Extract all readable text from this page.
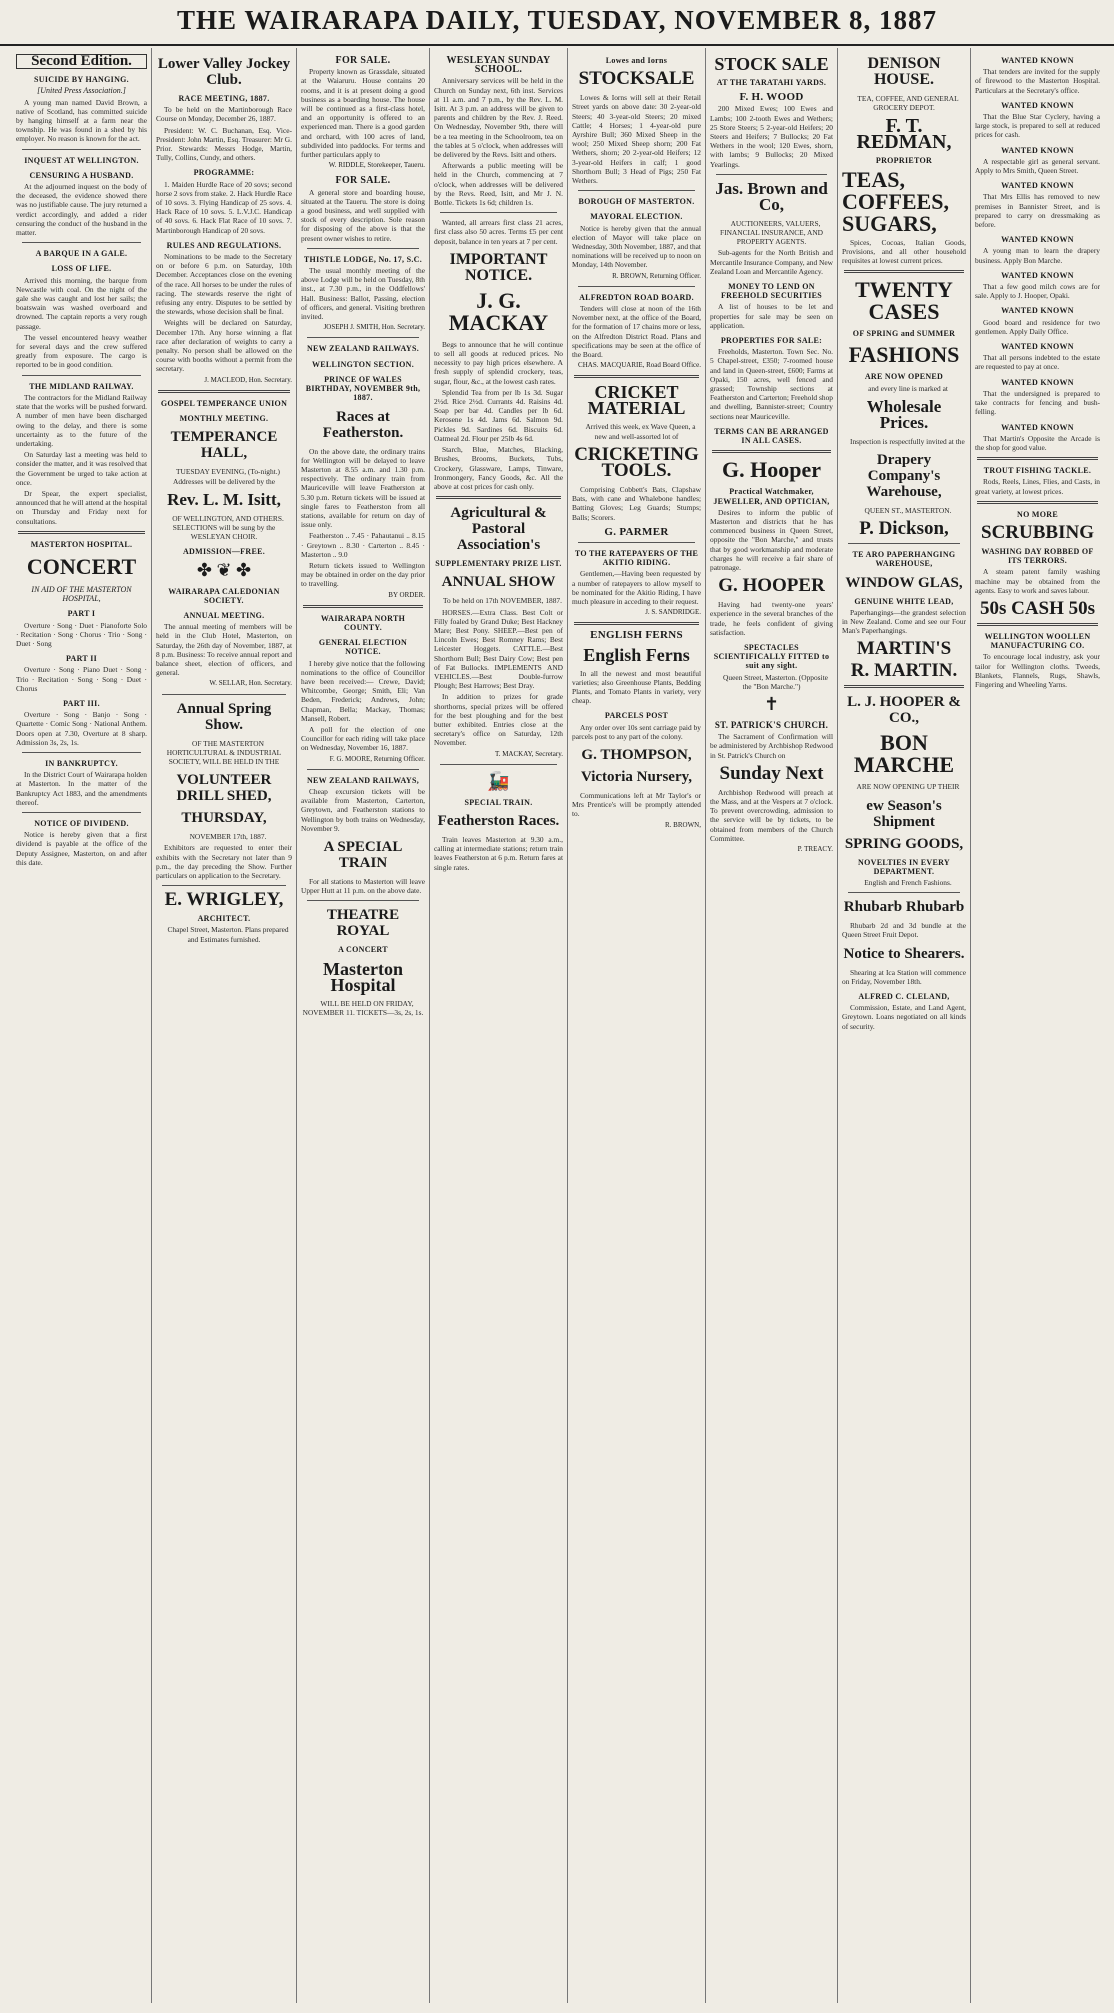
THE WAIRARAPA DAILY, TUESDAY, NOVEMBER 8, 1887
Second Edition.
SUICIDE BY HANGING.
[United Press Association.]

A young man named David Brown, a native of Scotland, has committed suicide by hanging himself at a farm near the township. He was found in a shed by his employer. No reason is known for the act.

INQUEST AT WELLINGTON.
CENSURING A HUSBAND.

At the adjourned inquest on the body of the deceased, the evidence showed there was no justifiable cause. The jury returned a verdict accordingly, and added a rider censuring the conduct of the husband in the matter.

A BARQUE IN A GALE.
LOSS OF LIFE.

Arrived this morning, the barque from Newcastle with coal. On the night of the gale she was caught and lost her sails; the boatswain was washed overboard and drowned. The captain reports a very rough passage.

The vessel encountered heavy weather for several days and the crew suffered greatly from exposure. The cargo is reported to be in good condition.

THE MIDLAND RAILWAY.

The contractors for the Midland Railway state that the works will be pushed forward. A number of men have been discharged owing to the delay, and there is some uncertainty as to the future of the undertaking.

On Saturday last a meeting was held to consider the matter, and it was resolved that the Government be urged to take action at once.

Dr Spear, the expert specialist, announced that he will attend at the hospital on Thursday and Friday next for consultations.

MASTERTON HOSPITAL.
CONCERT
IN AID OF THE MASTERTON HOSPITAL,
PART I

Overture · Song · Duet · Pianoforte Solo · Recitation · Song · Chorus · Trio · Song · Duet · Song

PART II

Overture · Song · Piano Duet · Song · Trio · Recitation · Song · Song · Duet · Chorus

PART III.

Overture · Song · Banjo · Song · Quartette · Comic Song · National Anthem. Doors open at 7.30, Overture at 8 sharp. Admission 3s, 2s, 1s.

IN BANKRUPTCY.

In the District Court of Wairarapa holden at Masterton. In the matter of the Bankruptcy Act 1883, and the amendments thereof.

NOTICE OF DIVIDEND.

Notice is hereby given that a first dividend is payable at the office of the Deputy Assignee, Masterton, on and after this date.

Lower Valley Jockey Club.
RACE MEETING, 1887.

To be held on the Martinborough Race Course on Monday, December 26, 1887.

President: W. C. Buchanan, Esq. Vice-President: John Martin, Esq. Treasurer: Mr G. Prior. Stewards: Messrs Hodge, Martin, Tully, Collins, Cundy, and others.

PROGRAMME:

1. Maiden Hurdle Race of 20 sovs; second horse 2 sovs from stake. 2. Hack Hurdle Race of 10 sovs. 3. Flying Handicap of 25 sovs. 4. Hack Race of 10 sovs. 5. L.V.J.C. Handicap of 40 sovs. 6. Hack Flat Race of 10 sovs. 7. Martinborough Handicap of 20 sovs.

RULES AND REGULATIONS.

Nominations to be made to the Secretary on or before 6 p.m. on Saturday, 10th December. Acceptances close on the evening of the race. All horses to be under the rules of racing. The stewards reserve the right of refusing any entry. Disputes to be settled by the stewards, whose decision shall be final.

Weights will be declared on Saturday, December 17th. Any horse winning a flat race after declaration of weights to carry a penalty. No person shall be allowed on the course with booths without a permit from the secretary.

J. MACLEOD, Hon. Secretary.
GOSPEL TEMPERANCE UNION
MONTHLY MEETING.
TEMPERANCE HALL,

TUESDAY EVENING, (To-night.) Addresses will be delivered by the

Rev. L. M. Isitt,

OF WELLINGTON, AND OTHERS. SELECTIONS will be sung by the WESLEYAN CHOIR.

ADMISSION—FREE.
✤ ❦ ✤
WAIRARAPA CALEDONIAN SOCIETY.
ANNUAL MEETING.

The annual meeting of members will be held in the Club Hotel, Masterton, on Saturday, the 26th day of November, 1887, at 8 p.m. Business: To receive annual report and balance sheet, election of officers, and general.

W. SELLAR, Hon. Secretary.
Annual Spring Show.

OF THE MASTERTON HORTICULTURAL & INDUSTRIAL SOCIETY, WILL BE HELD IN THE

VOLUNTEER DRILL SHED,
THURSDAY,

NOVEMBER 17th, 1887.

Exhibitors are requested to enter their exhibits with the Secretary not later than 9 p.m., the day preceding the Show. Further particulars on application to the Secretary.

E. WRIGLEY,
ARCHITECT.

Chapel Street, Masterton. Plans prepared and Estimates furnished.

FOR SALE.

Property known as Grassdale, situated at the Waiaruru. House contains 20 rooms, and it is at present doing a good business as a boarding house. The house will be continued as a first-class hotel, and an opportunity is offered to an experienced man. There is a good garden and orchard, with 100 acres of land, subdivided into paddocks. For terms and further particulars apply to

W. RIDDLE, Storekeeper, Taueru.
FOR SALE.

A general store and boarding house, situated at the Taueru. The store is doing a good business, and well supplied with stock of every description. Sole reason for disposing of the above is that the present owner wishes to retire.

THISTLE LODGE, No. 17, S.C.

The usual monthly meeting of the above Lodge will be held on Tuesday, 8th inst., at 7.30 p.m., in the Oddfellows' Hall. Business: Ballot, Passing, election of officers, and general. Visiting brethren invited.

JOSEPH J. SMITH, Hon. Secretary.
NEW ZEALAND RAILWAYS.
WELLINGTON SECTION.
PRINCE OF WALES BIRTHDAY, NOVEMBER 9th, 1887.
Races at Featherston.

On the above date, the ordinary trains for Wellington will be delayed to leave Masterton at 8.55 a.m. and 1.30 p.m. respectively. The ordinary train from Mauriceville will leave Featherston at 5.30 p.m. Return tickets will be issued at single fares to Featherston from all stations, available for return on day of issue only.

Featherston .. 7.45 · Pahautanui .. 8.15 · Greytown .. 8.30 · Carterton .. 8.45 · Masterton .. 9.0

Return tickets issued to Wellington may be obtained in order on the day prior to travelling.

BY ORDER.
WAIRARAPA NORTH COUNTY.
GENERAL ELECTION NOTICE.

I hereby give notice that the following nominations to the office of Councillor have been received:— Crewe, David; Whitcombe, George; Smith, Eli; Van Beden, Frederick; Andrews, John; Chapman, Bella; Mackay, Thomas; Mansell, Robert.

A poll for the election of one Councillor for each riding will take place on Wednesday, November 16, 1887.

F. G. MOORE, Returning Officer.
NEW ZEALAND RAILWAYS,

Cheap excursion tickets will be available from Masterton, Carterton, Greytown, and Featherston stations to Wellington by both trains on Wednesday, November 9.

A SPECIAL TRAIN

For all stations to Masterton will leave Upper Hutt at 11 p.m. on the above date.

THEATRE ROYAL
A CONCERT
Masterton Hospital

WILL BE HELD ON FRIDAY, NOVEMBER 11. TICKETS—3s, 2s, 1s.

WESLEYAN SUNDAY SCHOOL.

Anniversary services will be held in the Church on Sunday next, 6th inst. Services at 11 a.m. and 7 p.m., by the Rev. L. M. Isitt. At 3 p.m. an address will be given to parents and children by the Rev. J. Reed. On Wednesday, November 9th, there will be a tea meeting in the Schoolroom, tea on the tables at 5 o'clock, when addresses will be delivered by the Revs. Isitt and others.

Afterwards a public meeting will be held in the Church, commencing at 7 o'clock, when addresses will be delivered by the Revs. Reed, Isitt, and Mr J. N. Bottle. Tickets 1s 6d; children 1s.

Wanted, all arrears first class 21 acres, first class also 50 acres. Terms £5 per cent deposit, balance in ten years at 7 per cent.

IMPORTANT NOTICE.
J. G. MACKAY

Begs to announce that he will continue to sell all goods at reduced prices. No necessity to pay high prices elsewhere. A fresh supply of splendid crockery, teas, sugar, flour, &c., at the lowest cash rates.

Splendid Tea from per lb 1s 3d. Sugar 2½d. Rice 2½d. Currants 4d. Raisins 4d. Soap per bar 4d. Candles per lb 6d. Kerosene 1s 4d. Jams 6d. Salmon 9d. Pickles 9d. Sardines 6d. Biscuits 6d. Oatmeal 2d. Flour per 25lb 4s 6d.

Starch, Blue, Matches, Blacking, Brushes, Brooms, Buckets, Tubs, Crockery, Glassware, Lamps, Tinware, Ironmongery, Fancy Goods, &c. All the above at cost prices for cash only.

Agricultural & Pastoral Association's
SUPPLEMENTARY PRIZE LIST.
ANNUAL SHOW

To be held on 17th NOVEMBER, 1887.

HORSES.—Extra Class. Best Colt or Filly foaled by Grand Duke; Best Hackney Mare; Best Pony. SHEEP.—Best pen of Lincoln Ewes; Best Romney Rams; Best Leicester Hoggets. CATTLE.—Best Shorthorn Bull; Best Dairy Cow; Best pen of Fat Bullocks. IMPLEMENTS AND VEHICLES.—Best Double-furrow Plough; Best Harrows; Best Dray.

In addition to prizes for grade shorthorns, special prizes will be offered for the best ploughing and for the best butter exhibited. Entries close at the secretary's office on Saturday, 12th November.

T. MACKAY, Secretary.
🚂
SPECIAL TRAIN.
Featherston Races.

Train leaves Masterton at 9.30 a.m., calling at intermediate stations; return train leaves Featherston at 6 p.m. Return fares at single rates.

Lowes and Iorns
STOCKSALE

Lowes & Iorns will sell at their Retail Street yards on above date: 30 2-year-old Steers; 40 3-year-old Steers; 20 mixed Cattle; 4 Horses; 1 4-year-old pure Ayrshire Bull; 360 Mixed Sheep in the wool; 250 Mixed Sheep shorn; 200 Fat Wethers, shorn; 20 2-year-old Heifers; 12 3-year-old Heifers in calf; 1 good Shorthorn Bull; 3 Head of Pigs; 250 Fat Wethers.

BOROUGH OF MASTERTON.
MAYORAL ELECTION.

Notice is hereby given that the annual election of Mayor will take place on Wednesday, 30th November, 1887, and that nominations will be received up to noon on Monday, 14th November.

R. BROWN, Returning Officer.
ALFREDTON ROAD BOARD.

Tenders will close at noon of the 16th November next, at the office of the Board, for the formation of 17 chains more or less, on the Alfredton District Road. Plans and specifications may be seen at the office of the Board.

CHAS. MACQUARIE, Road Board Office.
CRICKET MATERIAL

Arrived this week, ex Wave Queen, a new and well-assorted lot of

CRICKETING TOOLS.

Comprising Cobbett's Bats, Clapshaw Bats, with cane and Whalebone handles; Batting Gloves; Leg Guards; Stumps; Balls; Scorers.

G. PARMER
TO THE RATEPAYERS OF THE AKITIO RIDING.

Gentlemen,—Having been requested by a number of ratepayers to allow myself to be nominated for the Akitio Riding, I have much pleasure in acceding to their request.

J. S. SANDRIDGE.
ENGLISH FERNS
English Ferns

In all the newest and most beautiful varieties; also Greenhouse Plants, Bedding Plants, and Tomato Plants in variety, very cheap.

PARCELS POST

Any order over 10s sent carriage paid by parcels post to any part of the colony.

G. THOMPSON,
Victoria Nursery,

Communications left at Mr Taylor's or Mrs Prentice's will be promptly attended to.

R. BROWN,
STOCK SALE
AT THE TARATAHI YARDS.
F. H. WOOD

200 Mixed Ewes; 100 Ewes and Lambs; 100 2-tooth Ewes and Wethers; 25 Store Steers; 5 2-year-old Heifers; 20 Steers and Heifers; 7 Bullocks; 20 Fat Wethers in the wool; 120 Ewes, shorn, with lambs; 9 Bullocks; 20 Mixed Yearlings.

Jas. Brown and Co,

AUCTIONEERS, VALUERS, FINANCIAL INSURANCE, AND PROPERTY AGENTS.

Sub-agents for the North British and Mercantile Insurance Company, and New Zealand Loan and Mercantile Agency.

MONEY TO LEND ON FREEHOLD SECURITIES

A list of houses to be let and properties for sale may be seen on application.

PROPERTIES FOR SALE:

Freeholds, Masterton. Town Sec. No. 5 Chapel-street, £350; 7-roomed house and land in Queen-street, £600; Farms at Opaki, 150 acres, well fenced and grassed; Township sections at Featherston and Carterton; Freehold shop and dwelling, Bannister-street; Country sections near Mauriceville.

TERMS CAN BE ARRANGED IN ALL CASES.
G. Hooper
Practical Watchmaker, JEWELLER, AND OPTICIAN,

Desires to inform the public of Masterton and districts that he has commenced business in Queen Street, opposite the "Bon Marche," and trusts that by good workmanship and moderate charges he will receive a fair share of patronage.

G. HOOPER

Having had twenty-one years' experience in the several branches of the trade, he feels confident of giving satisfaction.

SPECTACLES SCIENTIFICALLY FITTED to suit any sight.

Queen Street, Masterton. (Opposite the "Bon Marche.")

✝
ST. PATRICK'S CHURCH.

The Sacrament of Confirmation will be administered by Archbishop Redwood in St. Patrick's Church on

Sunday Next

Archbishop Redwood will preach at the Mass, and at the Vespers at 7 o'clock. To prevent overcrowding, admission to the service will be by tickets, to be obtained from members of the Church Committee.

P. TREACY.
DENISON HOUSE.

TEA, COFFEE, AND GENERAL GROCERY DEPOT.

F. T. REDMAN,
PROPRIETOR
TEAS,
COFFEES,
SUGARS,

Spices, Cocoas, Italian Goods, Provisions, and all other household requisites at lowest current prices.

TWENTY CASES
OF SPRING and SUMMER
FASHIONS
ARE NOW OPENED

and every line is marked at

Wholesale Prices.

Inspection is respectfully invited at the

Drapery Company's Warehouse,

QUEEN ST., MASTERTON.

P. Dickson,
TE ARO PAPERHANGING WAREHOUSE,
WINDOW GLAS,
GENUINE WHITE LEAD,

Paperhangings—the grandest selection in New Zealand. Come and see our Four Man's Paperhangings.

MARTIN'S
R. MARTIN.
L. J. HOOPER & CO.,
BON MARCHE

ARE NOW OPENING UP THEIR

ew Season's Shipment
SPRING GOODS,
NOVELTIES IN EVERY DEPARTMENT.

English and French Fashions.

Rhubarb Rhubarb

Rhubarb 2d and 3d bundle at the Queen Street Fruit Depot.

Notice to Shearers.

Shearing at Ica Station will commence on Friday, November 18th.

ALFRED C. CLELAND,

Commission, Estate, and Land Agent, Greytown. Loans negotiated on all kinds of security.

WANTED KNOWN

That tenders are invited for the supply of firewood to the Masterton Hospital. Particulars at the Secretary's office.

WANTED KNOWN

That the Blue Star Cyclery, having a large stock, is prepared to sell at reduced prices for cash.

WANTED KNOWN

A respectable girl as general servant. Apply to Mrs Smith, Queen Street.

WANTED KNOWN

That Mrs Ellis has removed to new premises in Bannister Street, and is prepared to carry on dressmaking as before.

WANTED KNOWN

A young man to learn the drapery business. Apply Bon Marche.

WANTED KNOWN

That a few good milch cows are for sale. Apply to J. Hooper, Opaki.

WANTED KNOWN

Good board and residence for two gentlemen. Apply Daily Office.

WANTED KNOWN

That all persons indebted to the estate are requested to pay at once.

WANTED KNOWN

That the undersigned is prepared to take contracts for fencing and bush-felling.

WANTED KNOWN

That Martin's Opposite the Arcade is the shop for good value.

TROUT FISHING TACKLE.

Rods, Reels, Lines, Flies, and Casts, in great variety, at lowest prices.

NO MORE
SCRUBBING
WASHING DAY ROBBED OF ITS TERRORS.

A steam patent family washing machine may be obtained from the agents. Easy to work and saves labour.

50s CASH 50s
WELLINGTON WOOLLEN MANUFACTURING CO.

To encourage local industry, ask your tailor for Wellington cloths. Tweeds, Blankets, Flannels, Rugs, Shawls, Fingering and Wheeling Yarns.
